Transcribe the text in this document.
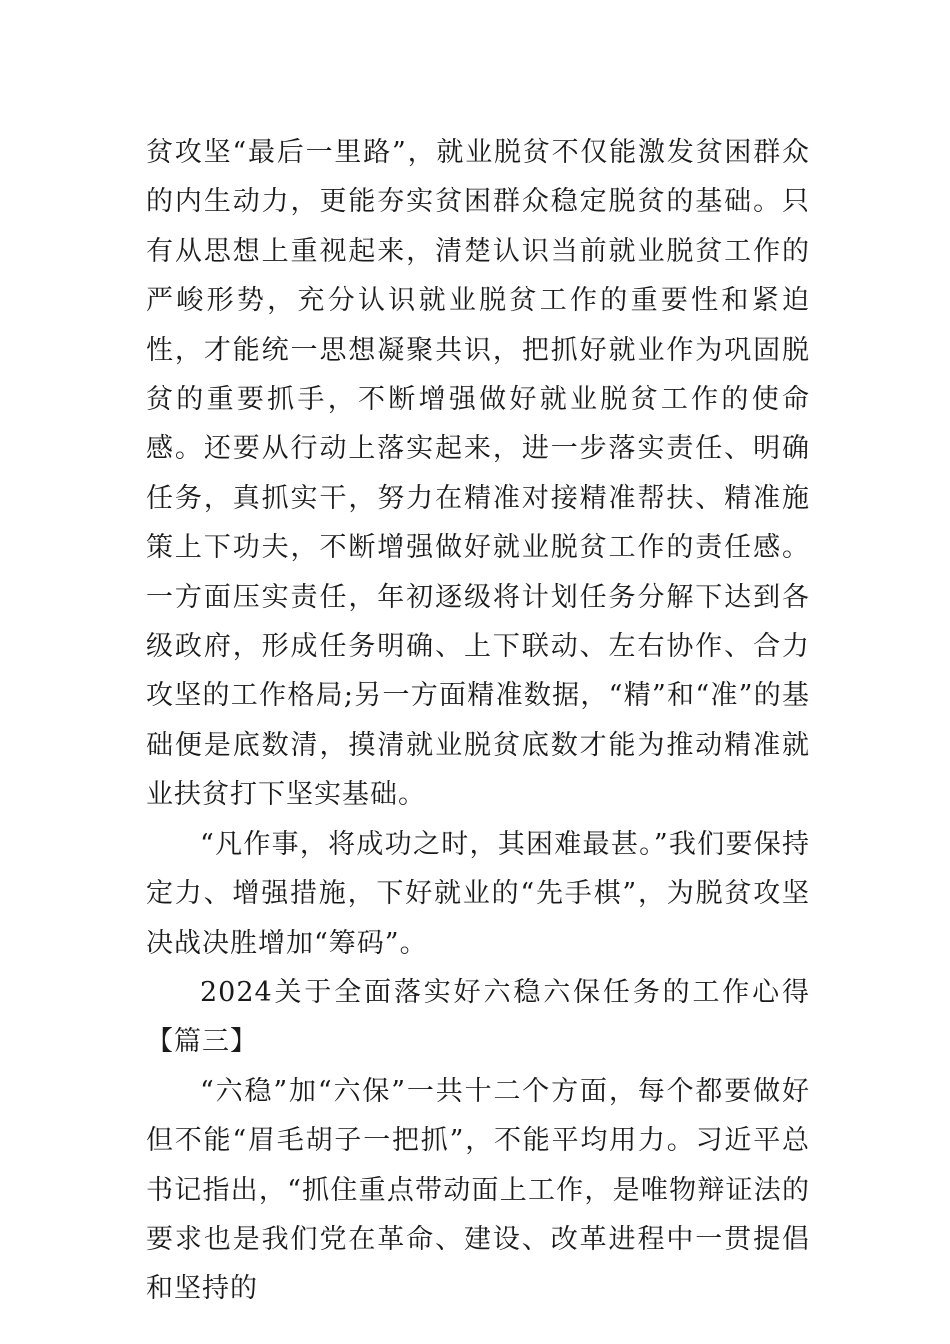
贫攻坚“最后一里路”，就业脱贫不仅能激发贫困群众的内生动力，更能夯实贫困群众稳定脱贫的基础。只有从思想上重视起来，清楚认识当前就业脱贫工作的严峻形势，充分认识就业脱贫工作的重要性和紧迫性，才能统一思想凝聚共识，把抓好就业作为巩固脱贫的重要抓手，不断增强做好就业脱贫工作的使命感。还要从行动上落实起来，进一步落实责任、明确任务，真抓实干，努力在精准对接精准帮扶、精准施策上下功夫，不断增强做好就业脱贫工作的责任感。一方面压实责任，年初逐级将计划任务分解下达到各级政府，形成任务明确、上下联动、左右协作、合力攻坚的工作格局;另一方面精准数据，“精”和“准”的基础便是底数清，摸清就业脱贫底数才能为推动精准就业扶贫打下坚实基础。

“凡作事，将成功之时，其困难最甚。”我们要保持定力、增强措施，下好就业的“先手棋”，为脱贫攻坚决战决胜增加“筹码”。

2024关于全面落实好六稳六保任务的工作心得【篇三】

“六稳”加“六保”一共十二个方面，每个都要做好但不能“眉毛胡子一把抓”，不能平均用力。习近平总书记指出，“抓住重点带动面上工作，是唯物辩证法的要求也是我们党在革命、建设、改革进程中一贯提倡和坚持的
